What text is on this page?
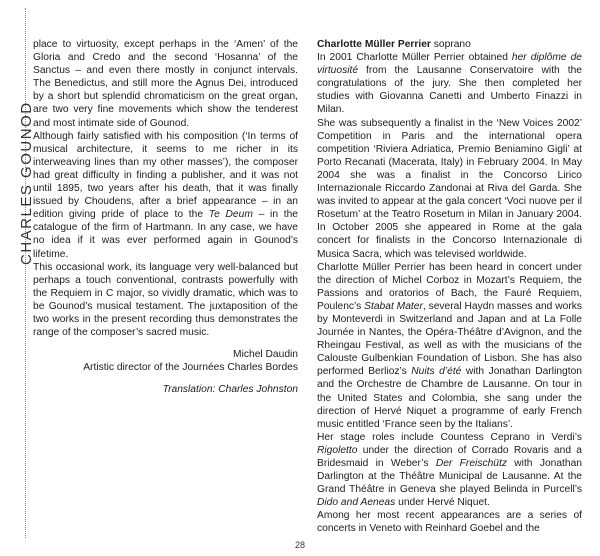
CHARLES GOUNOD

place to virtuosity, except perhaps in the ‘Amen’ of the Gloria and Credo and the second ‘Hosanna’ of the Sanctus – and even there mostly in conjunct intervals. The Benedictus, and still more the Agnus Dei, introduced by a short but splendid chromaticism on the great organ, are two very fine movements which show the tenderest and most intimate side of Gounod.

Although fairly satisfied with his composition (‘In terms of musical architecture, it seems to me richer in its interweaving lines than my other masses’), the composer had great difficulty in finding a publisher, and it was not until 1895, two years after his death, that it was finally issued by Choudens, after a brief appearance – in an edition giving pride of place to the Te Deum – in the catalogue of the firm of Hartmann. In any case, we have no idea if it was ever performed again in Gounod’s lifetime.

This occasional work, its language very well-balanced but perhaps a touch conventional, contrasts powerfully with the Requiem in C major, so vividly dramatic, which was to be Gounod’s musical testament. The juxtaposition of the two works in the present recording thus demonstrates the range of the composer’s sacred music.

Michel Daudin

Artistic director of the Journées Charles Bordes

Translation: Charles Johnston

Charlotte Müller Perrier soprano

In 2001 Charlotte Müller Perrier obtained her diplôme de virtuosité from the Lausanne Conservatoire with the congratulations of the jury. She then completed her studies with Giovanna Canetti and Umberto Finazzi in Milan.

She was subsequently a finalist in the ‘New Voices 2002’ Competition in Paris and the international opera competition ‘Riviera Adriatica, Premio Beniamino Gigli’ at Porto Recanati (Macerata, Italy) in February 2004. In May 2004 she was a finalist in the Concorso Lirico Internazionale Riccardo Zandonai at Riva del Garda. She was invited to appear at the gala concert ‘Voci nuove per il Rosetum’ at the Teatro Rosetum in Milan in January 2004. In October 2005 she appeared in Rome at the gala concert for finalists in the Concorso Internazionale di Musica Sacra, which was televised worldwide.

Charlotte Müller Perrier has been heard in concert under the direction of Michel Corboz in Mozart’s Requiem, the Passions and oratorios of Bach, the Fauré Requiem, Poulenc’s Stabat Mater, several Haydn masses and works by Monteverdi in Switzerland and Japan and at La Folle Journée in Nantes, the Opéra-Théâtre d’Avignon, and the Rheingau Festival, as well as with the musicians of the Calouste Gulbenkian Foundation of Lisbon. She has also performed Berlioz’s Nuits d’été with Jonathan Darlington and the Orchestre de Chambre de Lausanne. On tour in the United States and Colombia, she sang under the direction of Hervé Niquet a programme of early French music entitled ‘France seen by the Italians’.

Her stage roles include Countess Ceprano in Verdi’s Rigoletto under the direction of Corrado Rovaris and a Bridesmaid in Weber’s Der Freischütz with Jonathan Darlington at the Théâtre Municipal de Lausanne. At the Grand Théâtre in Geneva she played Belinda in Purcell’s Dido and Aeneas under Hervé Niquet.

Among her most recent appearances are a series of concerts in Veneto with Reinhard Goebel and the

28
